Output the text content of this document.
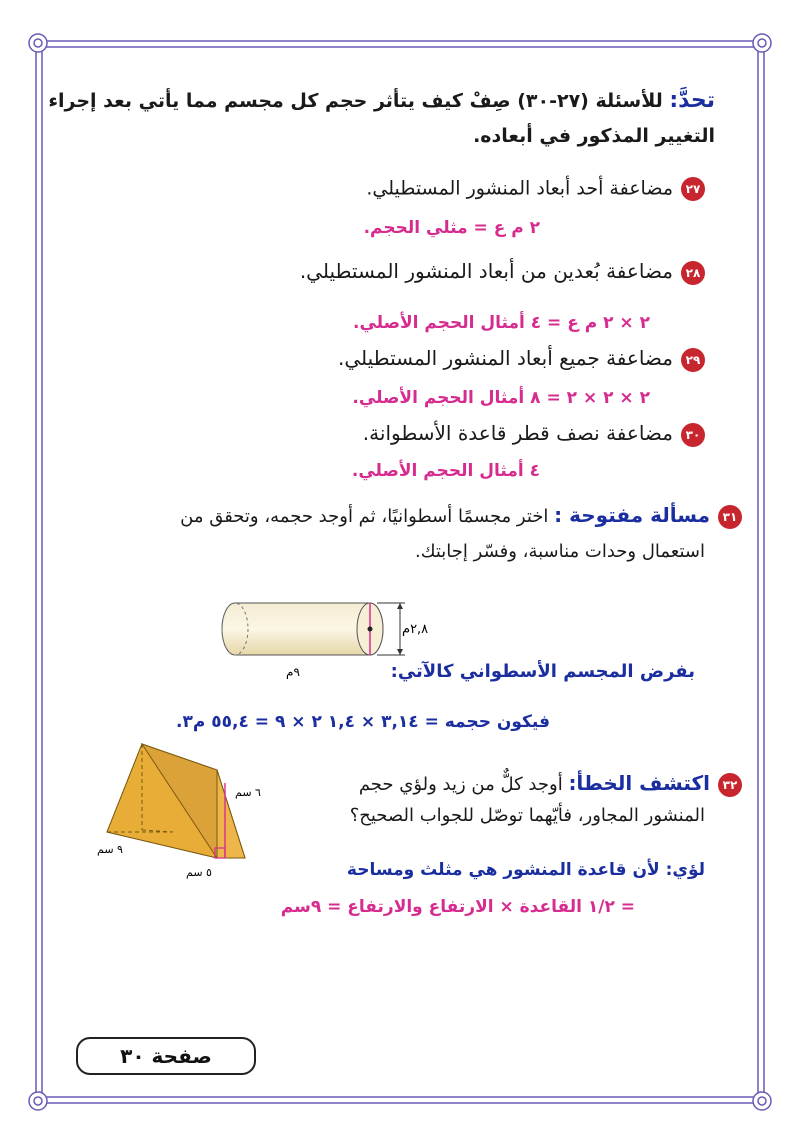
تحدَّ: للأسئلة (٢٧-٣٠) صِفْ كيف يتأثر حجم كل مجسم مما يأتي بعد إجراء
التغيير المذكور في أبعاده.
٢٧مضاعفة أحد أبعاد المنشور المستطيلي.
٢ م ع = مثلي الحجم.
٢٨مضاعفة بُعدين من أبعاد المنشور المستطيلي.
٢ × ٢ م ع = ٤ أمثال الحجم الأصلي.
٢٩مضاعفة جميع أبعاد المنشور المستطيلي.
٢ × ٢ × ٢ = ٨ أمثال الحجم الأصلي.
٣٠مضاعفة نصف قطر قاعدة الأسطوانة.
٤ أمثال الحجم الأصلي.
٣١مسألة مفتوحة : اختر مجسمًا أسطوانيًا، ثم أوجد حجمه، وتحقق من
استعمال وحدات مناسبة، وفسّر إجابتك.
٢,٨م
٩م	بفرض المجسم الأسطواني كالآتي:
فيكون حجمه = ٣,١٤ × ١,٤ ٢ × ٩ = ٥٥,٤ م٣.
٦ سم
٩ سم
٥ سم
٣٢اكتشف الخطأ: أوجد كلٌّ من زيد ولؤي حجم
المنشور المجاور، فأيّهما توصّل للجواب الصحيح؟
لؤي: لأن قاعدة المنشور هي مثلث ومساحة
= ١/٢ القاعدة × الارتفاع والارتفاع = ٩سم
صفحة ٣٠
